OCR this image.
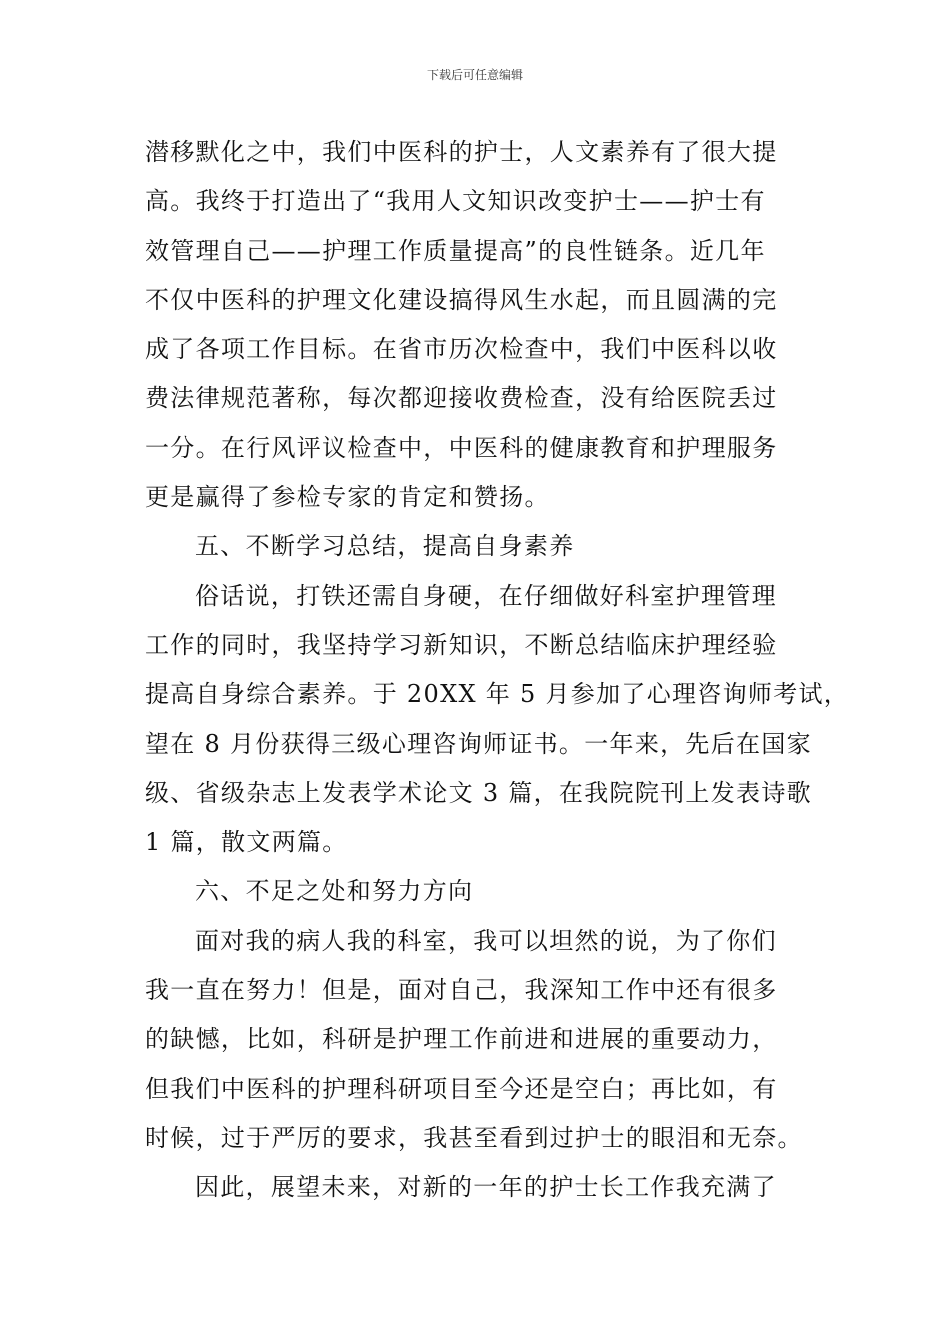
下载后可任意编辑
潜移默化之中，我们中医科的护士，人文素养有了很大提
高。我终于打造出了“我用人文知识改变护士——护士有
效管理自己——护理工作质量提高”的良性链条。近几年
不仅中医科的护理文化建设搞得风生水起，而且圆满的完
成了各项工作目标。在省市历次检查中，我们中医科以收
费法律规范著称，每次都迎接收费检查，没有给医院丢过
一分。在行风评议检查中，中医科的健康教育和护理服务
更是赢得了参检专家的肯定和赞扬。
五、不断学习总结，提高自身素养
俗话说，打铁还需自身硬，在仔细做好科室护理管理
工作的同时，我坚持学习新知识，不断总结临床护理经验
提高自身综合素养。于 20XX 年 5 月参加了心理咨询师考试，
望在 8 月份获得三级心理咨询师证书。一年来，先后在国家
级、省级杂志上发表学术论文 3 篇，在我院院刊上发表诗歌
1 篇，散文两篇。
六、不足之处和努力方向
面对我的病人我的科室，我可以坦然的说，为了你们
我一直在努力！但是，面对自己，我深知工作中还有很多
的缺憾，比如，科研是护理工作前进和进展的重要动力，
但我们中医科的护理科研项目至今还是空白；再比如，有
时候，过于严厉的要求，我甚至看到过护士的眼泪和无奈。
因此，展望未来，对新的一年的护士长工作我充满了
